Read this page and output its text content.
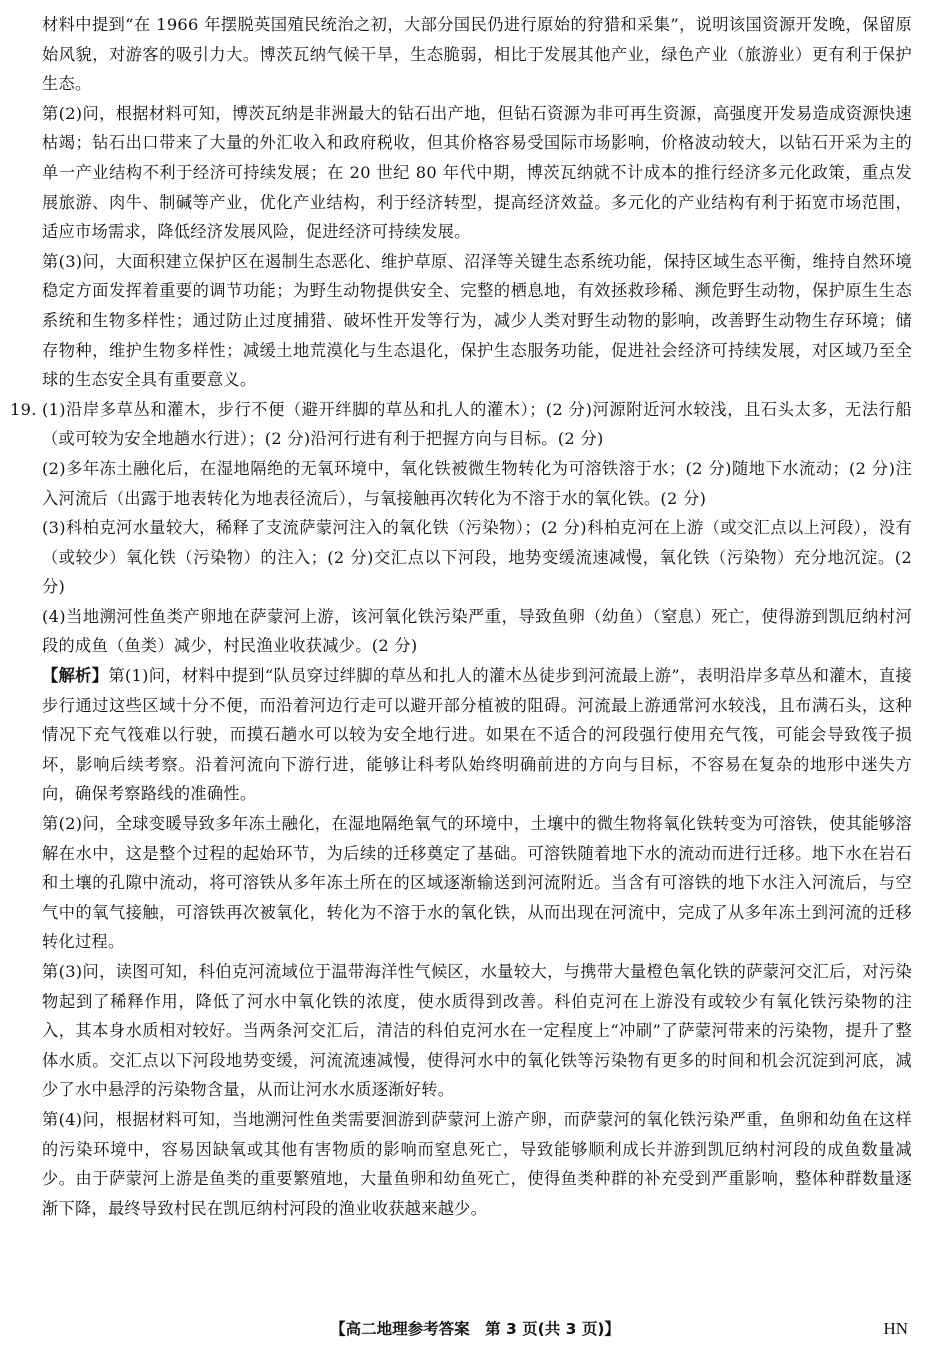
材料中提到“在 1966 年摆脱英国殖民统治之初，大部分国民仍进行原始的狩猎和采集”，说明该国资源开发晚，保留原始风貌，对游客的吸引力大。博茨瓦纳气候干旱，生态脆弱，相比于发展其他产业，绿色产业（旅游业）更有利于保护生态。

第(2)问，根据材料可知，博茨瓦纳是非洲最大的钻石出产地，但钻石资源为非可再生资源，高强度开发易造成资源快速枯竭；钻石出口带来了大量的外汇收入和政府税收，但其价格容易受国际市场影响，价格波动较大，以钻石开采为主的单一产业结构不利于经济可持续发展；在 20 世纪 80 年代中期，博茨瓦纳就不计成本的推行经济多元化政策，重点发展旅游、肉牛、制碱等产业，优化产业结构，利于经济转型，提高经济效益。多元化的产业结构有利于拓宽市场范围，适应市场需求，降低经济发展风险，促进经济可持续发展。

第(3)问，大面积建立保护区在遏制生态恶化、维护草原、沼泽等关键生态系统功能，保持区域生态平衡，维持自然环境稳定方面发挥着重要的调节功能；为野生动物提供安全、完整的栖息地，有效拯救珍稀、濒危野生动物，保护原生生态系统和生物多样性；通过防止过度捕猎、破坏性开发等行为，减少人类对野生动物的影响，改善野生动物生存环境；储存物种，维护生物多样性；减缓土地荒漠化与生态退化，保护生态服务功能，促进社会经济可持续发展，对区域乃至全球的生态安全具有重要意义。

19. (1)沿岸多草丛和灌木，步行不便（避开绊脚的草丛和扎人的灌木）；(2 分)河源附近河水较浅，且石头太多，无法行船（或可较为安全地趟水行进）；(2 分)沿河行进有利于把握方向与目标。(2 分)

(2)多年冻土融化后，在湿地隔绝的无氧环境中，氧化铁被微生物转化为可溶铁溶于水；(2 分)随地下水流动；(2 分)注入河流后（出露于地表转化为地表径流后），与氧接触再次转化为不溶于水的氧化铁。(2 分)

(3)科柏克河水量较大，稀释了支流萨蒙河注入的氧化铁（污染物）；(2 分)科柏克河在上游（或交汇点以上河段），没有（或较少）氧化铁（污染物）的注入；(2 分)交汇点以下河段，地势变缓流速减慢，氧化铁（污染物）充分地沉淀。(2 分)

(4)当地溯河性鱼类产卵地在萨蒙河上游，该河氧化铁污染严重，导致鱼卵（幼鱼）（窒息）死亡，使得游到凯厄纳村河段的成鱼（鱼类）减少，村民渔业收获减少。(2 分)

【解析】第(1)问，材料中提到“队员穿过绊脚的草丛和扎人的灌木丛徒步到河流最上游”，表明沿岸多草丛和灌木，直接步行通过这些区域十分不便，而沿着河边行走可以避开部分植被的阻碍。河流最上游通常河水较浅，且布满石头，这种情况下充气筏难以行驶，而摸石趟水可以较为安全地行进。如果在不适合的河段强行使用充气筏，可能会导致筏子损坏，影响后续考察。沿着河流向下游行进，能够让科考队始终明确前进的方向与目标，不容易在复杂的地形中迷失方向，确保考察路线的准确性。

第(2)问，全球变暖导致多年冻土融化，在湿地隔绝氧气的环境中，土壤中的微生物将氧化铁转变为可溶铁，使其能够溶解在水中，这是整个过程的起始环节，为后续的迁移奠定了基础。可溶铁随着地下水的流动而进行迁移。地下水在岩石和土壤的孔隙中流动，将可溶铁从多年冻土所在的区域逐渐输送到河流附近。当含有可溶铁的地下水注入河流后，与空气中的氧气接触，可溶铁再次被氧化，转化为不溶于水的氧化铁，从而出现在河流中，完成了从多年冻土到河流的迁移转化过程。

第(3)问，读图可知，科伯克河流域位于温带海洋性气候区，水量较大，与携带大量橙色氧化铁的萨蒙河交汇后，对污染物起到了稀释作用，降低了河水中氧化铁的浓度，使水质得到改善。科伯克河在上游没有或较少有氧化铁污染物的注入，其本身水质相对较好。当两条河交汇后，清洁的科伯克河水在一定程度上“冲刷”了萨蒙河带来的污染物，提升了整体水质。交汇点以下河段地势变缓，河流流速减慢，使得河水中的氧化铁等污染物有更多的时间和机会沉淀到河底，减少了水中悬浮的污染物含量，从而让河水水质逐渐好转。

第(4)问，根据材料可知，当地溯河性鱼类需要洄游到萨蒙河上游产卵，而萨蒙河的氧化铁污染严重，鱼卵和幼鱼在这样的污染环境中，容易因缺氧或其他有害物质的影响而窒息死亡，导致能够顺利成长并游到凯厄纳村河段的成鱼数量减少。由于萨蒙河上游是鱼类的重要繁殖地，大量鱼卵和幼鱼死亡，使得鱼类种群的补充受到严重影响，整体种群数量逐渐下降，最终导致村民在凯厄纳村河段的渔业收获越来越少。

【高二地理参考答案　第 3 页(共 3 页)】	HN
